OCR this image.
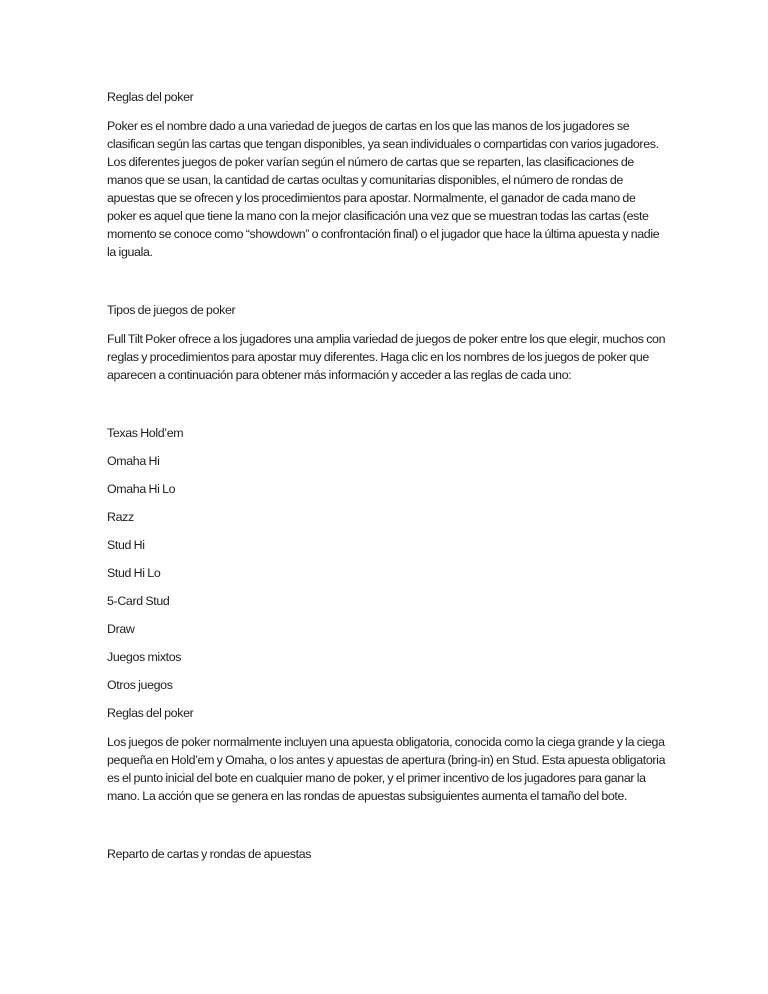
Reglas del poker

Poker es el nombre dado a una variedad de juegos de cartas en los que las manos de los jugadores se clasifican según las cartas que tengan disponibles, ya sean individuales o compartidas con varios jugadores. Los diferentes juegos de poker varían según el número de cartas que se reparten, las clasificaciones de manos que se usan, la cantidad de cartas ocultas y comunitarias disponibles, el número de rondas de apuestas que se ofrecen y los procedimientos para apostar. Normalmente, el ganador de cada mano de poker es aquel que tiene la mano con la mejor clasificación una vez que se muestran todas las cartas (este momento se conoce como “showdown” o confrontación final) o el jugador que hace la última apuesta y nadie la iguala.

Tipos de juegos de poker

Full Tilt Poker ofrece a los jugadores una amplia variedad de juegos de poker entre los que elegir, muchos con reglas y procedimientos para apostar muy diferentes. Haga clic en los nombres de los juegos de poker que aparecen a continuación para obtener más información y acceder a las reglas de cada uno:

Texas Hold’em

Omaha Hi

Omaha Hi Lo

Razz

Stud Hi

Stud Hi Lo

5-Card Stud

Draw

Juegos mixtos

Otros juegos

Reglas del poker

Los juegos de poker normalmente incluyen una apuesta obligatoria, conocida como la ciega grande y la ciega pequeña en Hold’em y Omaha, o los antes y apuestas de apertura (bring-in) en Stud. Esta apuesta obligatoria es el punto inicial del bote en cualquier mano de poker, y el primer incentivo de los jugadores para ganar la mano. La acción que se genera en las rondas de apuestas subsiguientes aumenta el tamaño del bote.

Reparto de cartas y rondas de apuestas
